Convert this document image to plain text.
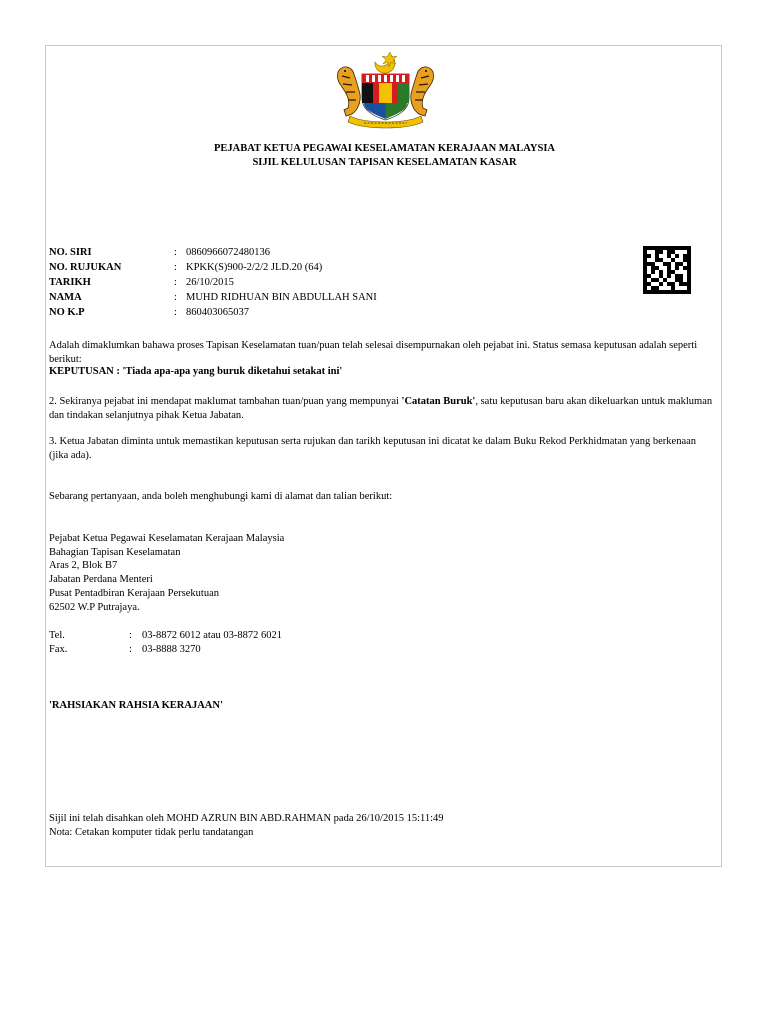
PEJABAT KETUA PEGAWAI KESELAMATAN KERAJAAN MALAYSIA
SIJIL KELULUSAN TAPISAN KESELAMATAN KASAR
NO. SIRI	: 0860966072480136
NO. RUJUKAN	: KPKK(S)900-2/2/2 JLD.20 (64)
TARIKH	: 26/10/2015
NAMA	: MUHD RIDHUAN BIN ABDULLAH SANI
NO K.P	: 860403065037
Adalah dimaklumkan bahawa proses Tapisan Keselamatan tuan/puan telah selesai disempurnakan oleh pejabat ini. Status semasa keputusan adalah seperti berikut:
KEPUTUSAN : 'Tiada apa-apa yang buruk diketahui setakat ini'
2. Sekiranya pejabat ini mendapat maklumat tambahan tuan/puan yang mempunyai 'Catatan Buruk', satu keputusan baru akan dikeluarkan untuk makluman dan tindakan selanjutnya pihak Ketua Jabatan.
3. Ketua Jabatan diminta untuk memastikan keputusan serta rujukan dan tarikh keputusan ini dicatat ke dalam Buku Rekod Perkhidmatan yang berkenaan (jika ada).
Sebarang pertanyaan, anda boleh menghubungi kami di alamat dan talian berikut:
Pejabat Ketua Pegawai Keselamatan Kerajaan Malaysia
Bahagian Tapisan Keselamatan
Aras 2, Blok B7
Jabatan Perdana Menteri
Pusat Pentadbiran Kerajaan Persekutuan
62502 W.P Putrajaya.
Tel.	: 03-8872 6012 atau 03-8872 6021
Fax.	: 03-8888 3270
'RAHSIAKAN RAHSIA KERAJAAN'
Sijil ini telah disahkan oleh MOHD AZRUN BIN ABD.RAHMAN pada 26/10/2015 15:11:49
Nota: Cetakan komputer tidak perlu tandatangan
